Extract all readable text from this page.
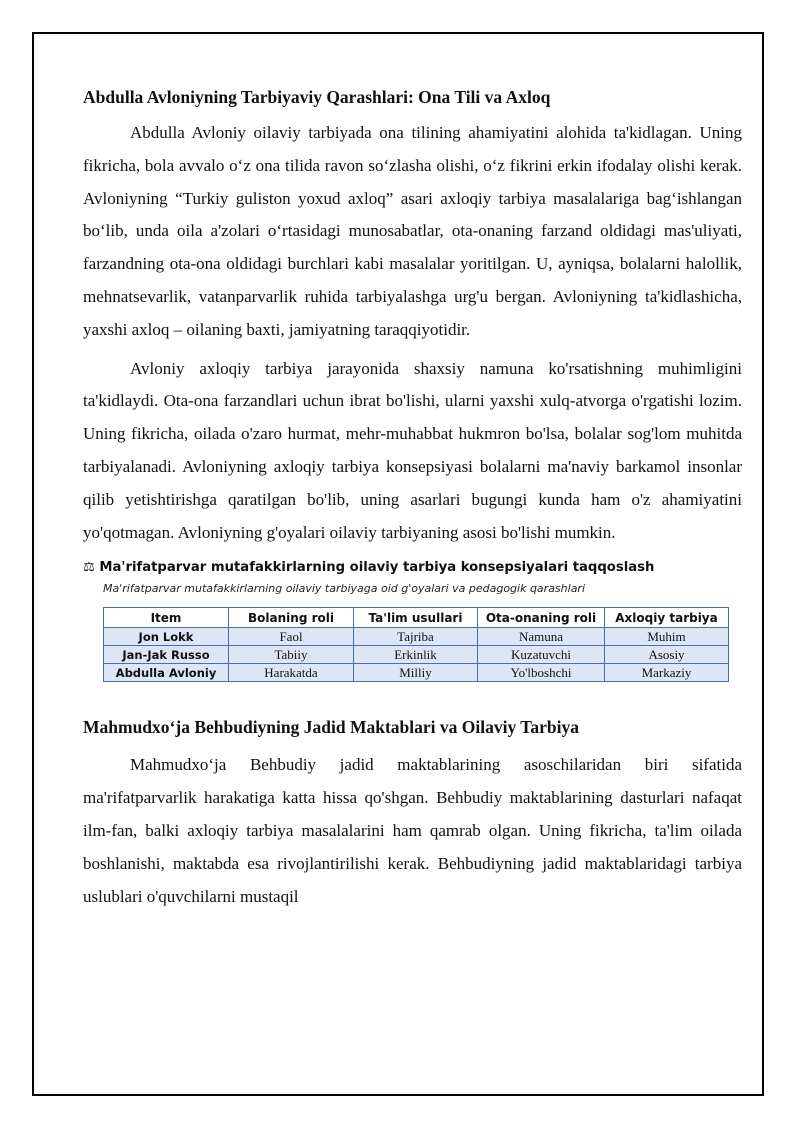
Abdulla Avloniyning Tarbiyaviy Qarashlari: Ona Tili va Axloq

Abdulla Avloniy oilaviy tarbiyada ona tilining ahamiyatini alohida ta'kidlagan. Uning fikricha, bola avvalo o‘z ona tilida ravon so‘zlasha olishi, o‘z fikrini erkin ifodalay olishi kerak. Avloniyning “Turkiy guliston yoxud axloq” asari axloqiy tarbiya masalalariga bag‘ishlangan bo‘lib, unda oila a'zolari o‘rtasidagi munosabatlar, ota-onaning farzand oldidagi mas'uliyati, farzandning ota-ona oldidagi burchlari kabi masalalar yoritilgan. U, ayniqsa, bolalarni halollik, mehnatsevarlik, vatanparvarlik ruhida tarbiyalashga urg'u bergan. Avloniyning ta'kidlashicha, yaxshi axloq – oilaning baxti, jamiyatning taraqqiyotidir.

Avloniy axloqiy tarbiya jarayonida shaxsiy namuna ko'rsatishning muhimligini ta'kidlaydi. Ota-ona farzandlari uchun ibrat bo'lishi, ularni yaxshi xulq-atvorga o'rgatishi lozim. Uning fikricha, oilada o'zaro hurmat, mehr-muhabbat hukmron bo'lsa, bolalar sog'lom muhitda tarbiyalanadi. Avloniyning axloqiy tarbiya konsepsiyasi bolalarni ma'naviy barkamol insonlar qilib yetishtirishga qaratilgan bo'lib, uning asarlari bugungi kunda ham o'z ahamiyatini yo'qotmagan. Avloniyning g'oyalari oilaviy tarbiyaning asosi bo'lishi mumkin.

⚖ Ma'rifatparvar mutafakkirlarning oilaviy tarbiya konsepsiyalari taqqoslash
Ma'rifatparvar mutafakkirlarning oilaviy tarbiyaga oid g'oyalari va pedagogik qarashlari
Item	Bolaning roli	Ta'lim usullari	Ota-onaning roli	Axloqiy tarbiya
Jon Lokk	Faol	Tajriba	Namuna	Muhim
Jan-Jak Russo	Tabiiy	Erkinlik	Kuzatuvchi	Asosiy
Abdulla Avloniy	Harakatda	Milliy	Yo'lboshchi	Markaziy
Mahmudxo‘ja Behbudiyning Jadid Maktablari va Oilaviy Tarbiya

Mahmudxo‘ja Behbudiy jadid maktablarining asoschilaridan biri sifatida ma'rifatparvarlik harakatiga katta hissa qo'shgan. Behbudiy maktablarining dasturlari nafaqat ilm-fan, balki axloqiy tarbiya masalalarini ham qamrab olgan. Uning fikricha, ta'lim oilada boshlanishi, maktabda esa rivojlantirilishi kerak. Behbudiyning jadid maktablaridagi tarbiya uslublari o'quvchilarni mustaqil
